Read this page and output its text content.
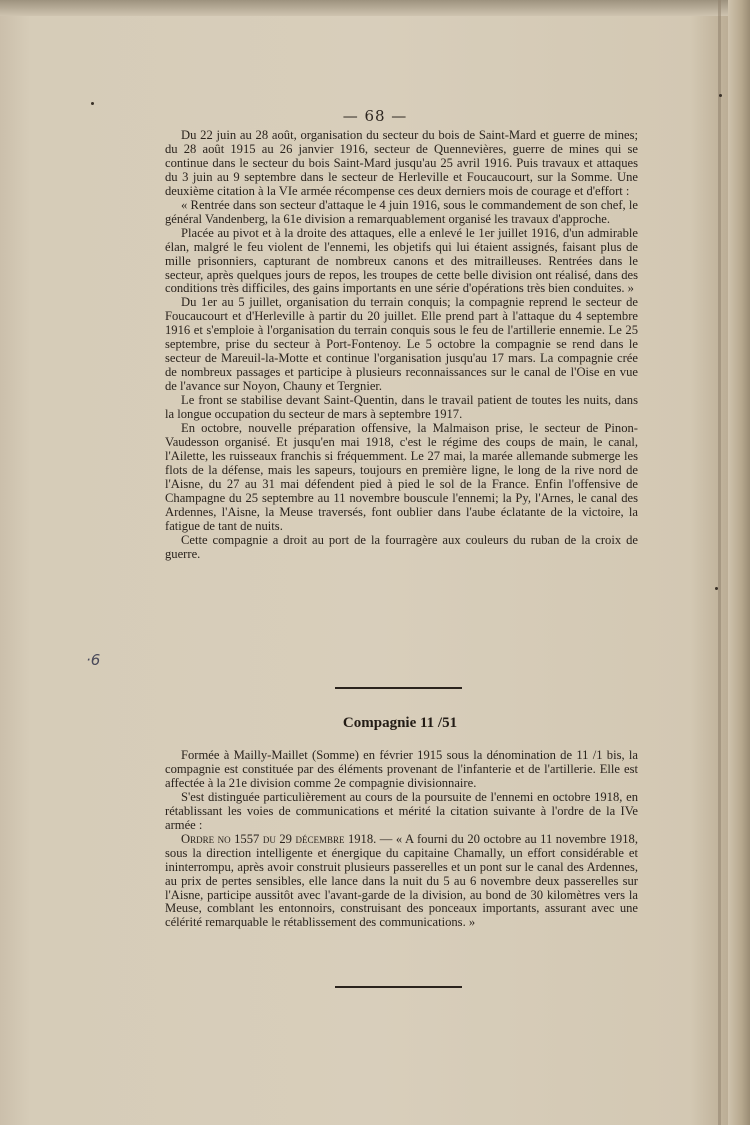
— 68 —

Du 22 juin au 28 août, organisation du secteur du bois de Saint-Mard et guerre de mines; du 28 août 1915 au 26 janvier 1916, secteur de Quennevières, guerre de mines qui se continue dans le secteur du bois Saint-Mard jusqu'au 25 avril 1916. Puis travaux et attaques du 3 juin au 9 septembre dans le secteur de Herleville et Foucaucourt, sur la Somme. Une deuxième citation à la VIe armée récompense ces deux derniers mois de courage et d'effort :

« Rentrée dans son secteur d'attaque le 4 juin 1916, sous le commandement de son chef, le général Vandenberg, la 61e division a remarquablement organisé les travaux d'approche.

Placée au pivot et à la droite des attaques, elle a enlevé le 1er juillet 1916, d'un admirable élan, malgré le feu violent de l'ennemi, les objetifs qui lui étaient assignés, faisant plus de mille prisonniers, capturant de nombreux canons et des mitrailleuses. Rentrées dans le secteur, après quelques jours de repos, les troupes de cette belle division ont réalisé, dans des conditions très difficiles, des gains importants en une série d'opérations très bien conduites. »

Du 1er au 5 juillet, organisation du terrain conquis; la compagnie reprend le secteur de Foucaucourt et d'Herleville à partir du 20 juillet. Elle prend part à l'attaque du 4 septembre 1916 et s'emploie à l'organisation du terrain conquis sous le feu de l'artillerie ennemie. Le 25 septembre, prise du secteur à Port-Fontenoy. Le 5 octobre la compagnie se rend dans le secteur de Mareuil-la-Motte et continue l'organisation jusqu'au 17 mars. La compagnie crée de nombreux passages et participe à plusieurs reconnaissances sur le canal de l'Oise en vue de l'avance sur Noyon, Chauny et Tergnier.

Le front se stabilise devant Saint-Quentin, dans le travail patient de toutes les nuits, dans la longue occupation du secteur de mars à septembre 1917.

En octobre, nouvelle préparation offensive, la Malmaison prise, le secteur de Pinon-Vaudesson organisé. Et jusqu'en mai 1918, c'est le régime des coups de main, le canal, l'Ailette, les ruisseaux franchis si fréquemment. Le 27 mai, la marée allemande submerge les flots de la défense, mais les sapeurs, toujours en première ligne, le long de la rive nord de l'Aisne, du 27 au 31 mai défendent pied à pied le sol de la France. Enfin l'offensive de Champagne du 25 septembre au 11 novembre bouscule l'ennemi; la Py, l'Arnes, le canal des Ardennes, l'Aisne, la Meuse traversés, font oublier dans l'aube éclatante de la victoire, la fatigue de tant de nuits.

Cette compagnie a droit au port de la fourragère aux couleurs du ruban de la croix de guerre.

Compagnie 11 /51

Formée à Mailly-Maillet (Somme) en février 1915 sous la dénomination de 11 /1 bis, la compagnie est constituée par des éléments provenant de l'infanterie et de l'artillerie. Elle est affectée à la 21e division comme 2e compagnie divisionnaire.

S'est distinguée particulièrement au cours de la poursuite de l'ennemi en octobre 1918, en rétablissant les voies de communications et mérité la citation suivante à l'ordre de la IVe armée :

Ordre no 1557 du 29 décembre 1918. — « A fourni du 20 octobre au 11 novembre 1918, sous la direction intelligente et énergique du capitaine Chamally, un effort considérable et ininterrompu, après avoir construit plusieurs passerelles et un pont sur le canal des Ardennes, au prix de pertes sensibles, elle lance dans la nuit du 5 au 6 novembre deux passerelles sur l'Aisne, participe aussitôt avec l'avant-garde de la division, au bond de 30 kilomètres vers la Meuse, comblant les entonnoirs, construisant des ponceaux importants, assurant avec une célérité remarquable le rétablissement des communications. »

·6
